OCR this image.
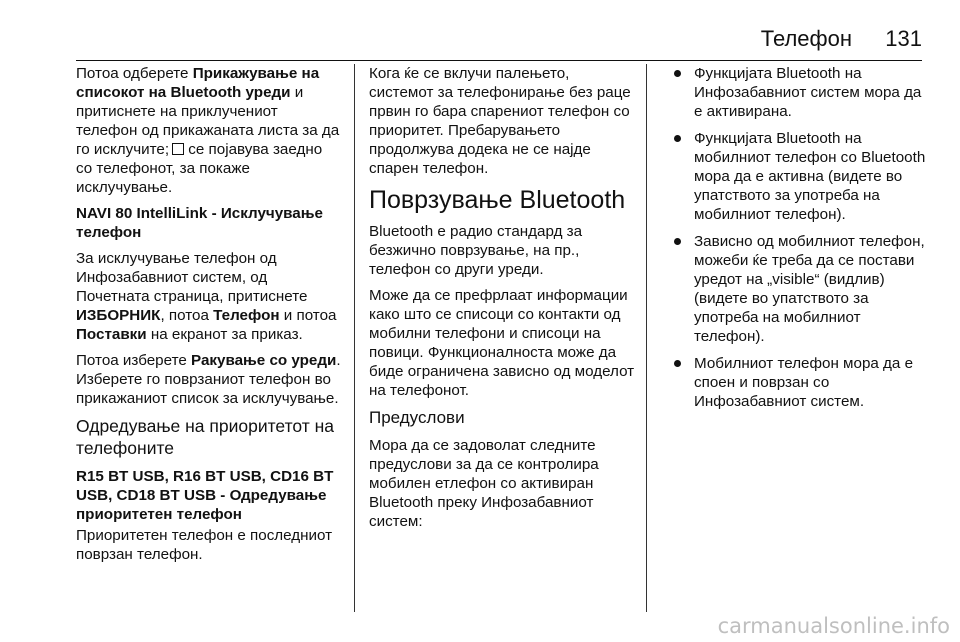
Телефон 131

Потоа одберете Прикажување на списокот на Bluetooth уреди и притиснете на приклучениот телефон од прикажаната листа за да го исклучите; се појавува заедно со телефонот, за покаже исклучување.

NAVI 80 IntelliLink - Исклучување телефон

За исклучување телефон од Инфозабавниот систем, од Почетната страница, притиснете ИЗБОРНИК, потоа Телефон и потоа Поставки на екранот за приказ.

Потоа изберете Ракување со уреди. Изберете го поврзаниот телефон во прикажаниот список за исклучување.

Одредување на приоритетот на телефоните

R15 BT USB, R16 BT USB, CD16 BT USB, CD18 BT USB - Одредување приоритетен телефон

Приоритетен телефон е последниот поврзан телефон.

Кога ќе се вклучи палењето, системот за телефонирање без раце првин го бара спарениот телефон со приоритет. Пребарувањето продолжува додека не се најде спарен телефон.

Поврзување Bluetooth

Bluetooth е радио стандард за безжично поврзување, на пр., телефон со други уреди.

Може да се префрлаат информации како што се списоци со контакти од мобилни телефони и списоци на повици. Функционалноста може да биде ограничена зависно од моделот на телефонот.

Предуслови

Мора да се задоволат следните предуслови за да се контролира мобилен етлефон со активиран Bluetooth преку Инфозабавниот систем:

Функцијата Bluetooth на Инфозабавниот систем мора да е активирана.
Функцијата Bluetooth на мобилниот телефон со Bluetooth мора да е активна (видете во упатството за употреба на мобилниот телефон).
Зависно од мобилниот телефон, можеби ќе треба да се постави уредот на „visible“ (видлив) (видете во упатството за употреба на мобилниот телефон).
Мобилниот телефон мора да е споен и поврзан со Инфозабавниот систем.
carmanualsonline.info
